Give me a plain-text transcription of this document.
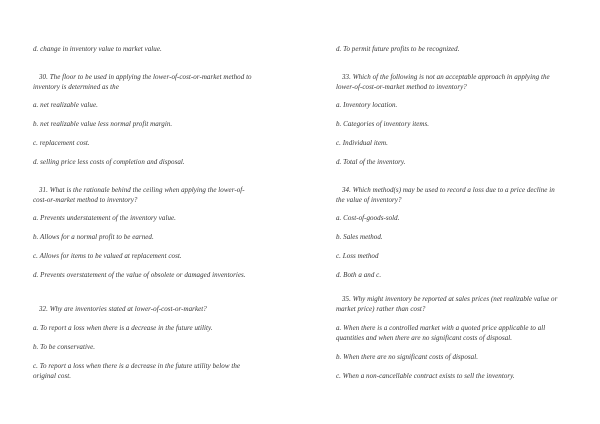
d. change in inventory value to market value.

30. The floor to be used in applying the lower-of-cost-or-market method to inventory is determined as the

a. net realizable value.

b. net realizable value less normal profit margin.

c. replacement cost.

d. selling price less costs of completion and disposal.

31. What is the rationale behind the ceiling when applying the lower-of-cost-or-market method to inventory?

a. Prevents understatement of the inventory value.

b. Allows for a normal profit to be earned.

c. Allows for items to be valued at replacement cost.

d. Prevents overstatement of the value of obsolete or damaged inventories.

32. Why are inventories stated at lower-of-cost-or-market?

a. To report a loss when there is a decrease in the future utility.

b. To be conservative.

c. To report a loss when there is a decrease in the future utility below the original cost.

d. To permit future profits to be recognized.

33. Which of the following is not an acceptable approach in applying the lower-of-cost-or-market method to inventory?

a. Inventory location.

b. Categories of inventory items.

c. Individual item.

d. Total of the inventory.

34. Which method(s) may be used to record a loss due to a price decline in the value of inventory?

a. Cost-of-goods-sold.

b. Sales method.

c. Loss method

d. Both a and c.

35. Why might inventory be reported at sales prices (net realizable value or market price) rather than cost?

a. When there is a controlled market with a quoted price applicable to all quantities and when there are no significant costs of disposal.

b. When there are no significant costs of disposal.

c. When a non-cancellable contract exists to sell the inventory.
